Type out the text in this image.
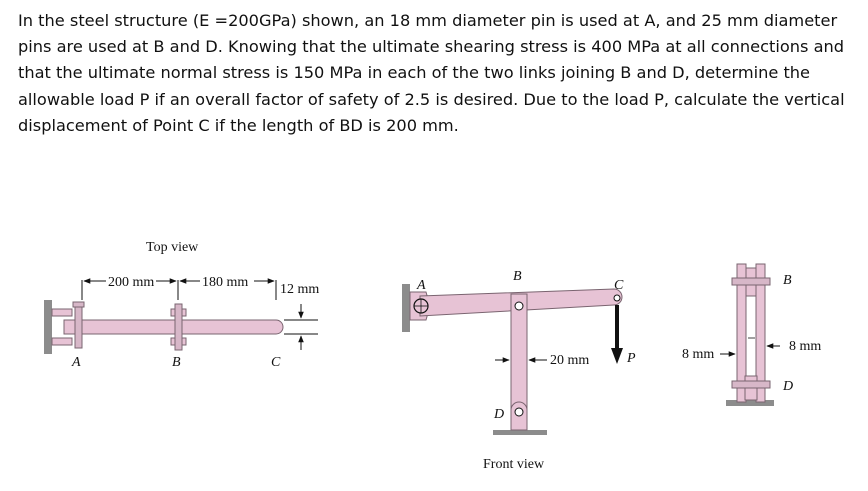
In the steel structure (E =200GPa) shown, an 18 mm diameter pin is used at A, and 25 mm diameter pins are used at B and D. Knowing that the ultimate shearing stress is 400 MPa at all connections and that the ultimate normal stress is 150 MPa in each of the two links joining B and D, determine the allowable load P if an overall factor of safety of 2.5 is desired. Due to the load P, calculate the vertical displacement of Point C if the length of BD is 200 mm.

Top view
200 mm	180 mm 12 mm
A	B	C
A
B
C
D
P
20 mm
Front view
8 mm
8 mm
B
D
